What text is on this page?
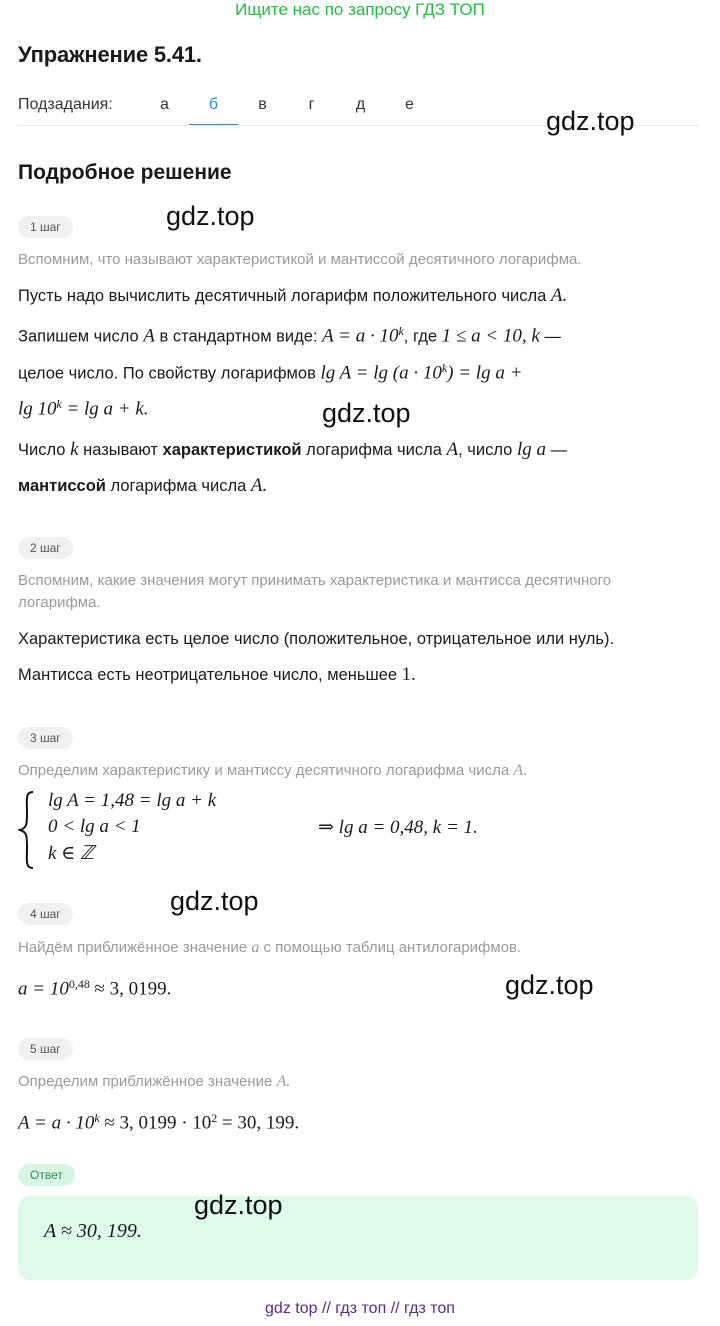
Ищите нас по запросу ГДЗ ТОП
Упражнение 5.41.
Подзадания:	а	б	в	г	д	е
gdz.top
Подробное решение
1 шаг	gdz.top
Вспомним, что называют характеристикой и мантиссой десятичного логарифма.
Пусть надо вычислить десятичный логарифм положительного числа A.
Запишем число A в стандартном виде: $A = a \cdot 10^k$, где 1 ≤ a < 10, k —
целое число. По свойству логарифмов $\lg A = \lg (a \cdot 10^k) = \lg a$ +
$\lg 10^k = \lg a + k$.	gdz.top
Число k называют характеристикой логарифма числа A, число lg a —
мантиссой логарифма числа A.
2 шаг
Вспомним, какие значения могут принимать характеристика и мантисса десятичного
логарифма.
Характеристика есть целое число (положительное, отрицательное или нуль).
Мантисса есть неотрицательное число, меньшее 1.
3 шаг
Определим характеристику и мантиссу десятичного логарифма числа A.
lg A = 1,48 = lg a + k
0 < lg a < 1
k ∈ ℤ
⇒ lg a = 0,48, k = 1.
4 шаг	gdz.top
Найдём приближённое значение a с помощью таблиц антилогарифмов.
$a = 10^{0,48} \approx 3$, 0199.	gdz.top
5 шаг
Определим приближённое значение A.
$A = a \cdot 10^k \approx 3$, $0199 \cdot 10^2 = 30$, 199.
Ответ
A ≈ 30, 199.
gdz.top
gdz top // гдз топ // гдз топ
